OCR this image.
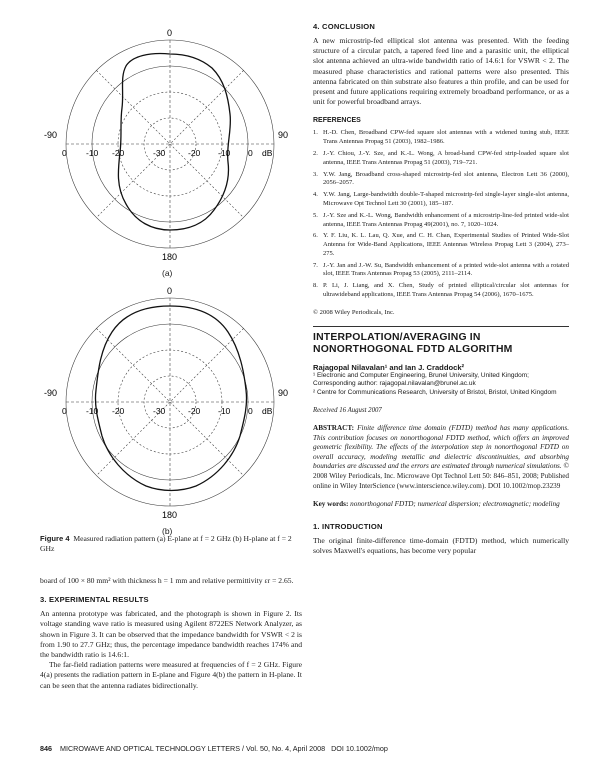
0
-90	90
180
0 -10 -20	-30	-20 -10 0 dB
(a)
0
-90	90
180
0 -10 -20	-30	-20 -10 0 dB
(b)
Figure 4 Measured radiation pattern (a) E-plane at f = 2 GHz (b) H-plane at f = 2 GHz

board of 100 × 80 mm² with thickness h = 1 mm and relative permittivity εr = 2.65.

3. EXPERIMENTAL RESULTS

An antenna prototype was fabricated, and the photograph is shown in Figure 2. Its voltage standing wave ratio is measured using Agilent 8722ES Network Analyzer, as shown in Figure 3. It can be observed that the impedance bandwidth for VSWR < 2 is from 1.90 to 27.7 GHz; thus, the percentage impedance bandwidth reaches 174% and the bandwidth ratio is 14.6:1.

The far-field radiation patterns were measured at frequencies of f = 2 GHz. Figure 4(a) presents the radiation pattern in E-plane and Figure 4(b) the pattern in H-plane. It can be seen that the antenna radiates bidirectionally.

4. CONCLUSION

A new microstrip-fed elliptical slot antenna was presented. With the feeding structure of a circular patch, a tapered feed line and a parasitic unit, the elliptical slot antenna achieved an ultra-wide bandwidth ratio of 14.6:1 for VSWR < 2. The measured phase characteristics and rational patterns were also presented. This antenna fabricated on thin substrate also features a thin profile, and can be used for present and future applications requiring extremely broadband performance, or as a unit for powerful broadband arrays.

REFERENCES
1. H.-D. Chen, Broadband CPW-fed square slot antennas with a widened tuning stub, IEEE Trans Antennas Propag 51 (2003), 1982–1986.
2. J.-Y. Chiou, J.-Y. Sze, and K.-L. Wong, A broad-band CPW-fed strip-loaded square slot antenna, IEEE Trans Antennas Propag 51 (2003), 719–721.
3. Y.W. Jang, Broadband cross-shaped microstrip-fed slot antenna, Electron Lett 36 (2000), 2056–2057.
4. Y.W. Jang, Large-bandwidth double-T-shaped microstrip-fed single-layer single-slot antenna, Microwave Opt Technol Lett 30 (2001), 185–187.
5. J.-Y. Sze and K.-L. Wong, Bandwidth enhancement of a microstrip-line-fed printed wide-slot antenna, IEEE Trans Antennas Propag 49(2001), no. 7, 1020–1024.
6. Y. F. Liu, K. L. Lau, Q. Xue, and C. H. Chan, Experimental Studies of Printed Wide-Slot Antenna for Wide-Band Applications, IEEE Antennas Wireless Propag Lett 3 (2004), 273–275.
7. J.-Y. Jan and J.-W. Su, Bandwidth enhancement of a printed wide-slot antenna with a rotated slot, IEEE Trans Antennas Propag 53 (2005), 2111–2114.
8. P. Li, J. Liang, and X. Chen, Study of printed elliptical/circular slot antennas for ultrawideband applications, IEEE Trans Antennas Propag 54 (2006), 1670–1675.

© 2008 Wiley Periodicals, Inc.

INTERPOLATION/AVERAGING IN NONORTHOGONAL FDTD ALGORITHM
Rajagopal Nilavalan¹ and Ian J. Craddock²
¹ Electronic and Computer Engineering, Brunel University, United Kingdom; Corresponding author: rajagopal.nilavalan@brunel.ac.uk
² Centre for Communications Research, University of Bristol, Bristol, United Kingdom
Received 16 August 2007
ABSTRACT: Finite difference time domain (FDTD) method has many applications. This contribution focuses on nonorthogonal FDTD method, which offers an improved geometric flexibility. The effects of the interpolation step in nonorthogonal FDTD on overall accuracy, modeling metallic and dielectric discontinuities, and absorbing boundaries are discussed and the errors are estimated through numerical simulations. © 2008 Wiley Periodicals, Inc. Microwave Opt Technol Lett 50: 846–851, 2008; Published online in Wiley InterScience (www.interscience.wiley.com). DOI 10.1002/mop.23239
Key words: nonorthogonal FDTD; numerical dispersion; electromagnetic; modeling
1. INTRODUCTION

The original finite-difference time-domain (FDTD) method, which numerically solves Maxwell's equations, has become very popular

846 MICROWAVE AND OPTICAL TECHNOLOGY LETTERS / Vol. 50, No. 4, April 2008 DOI 10.1002/mop
